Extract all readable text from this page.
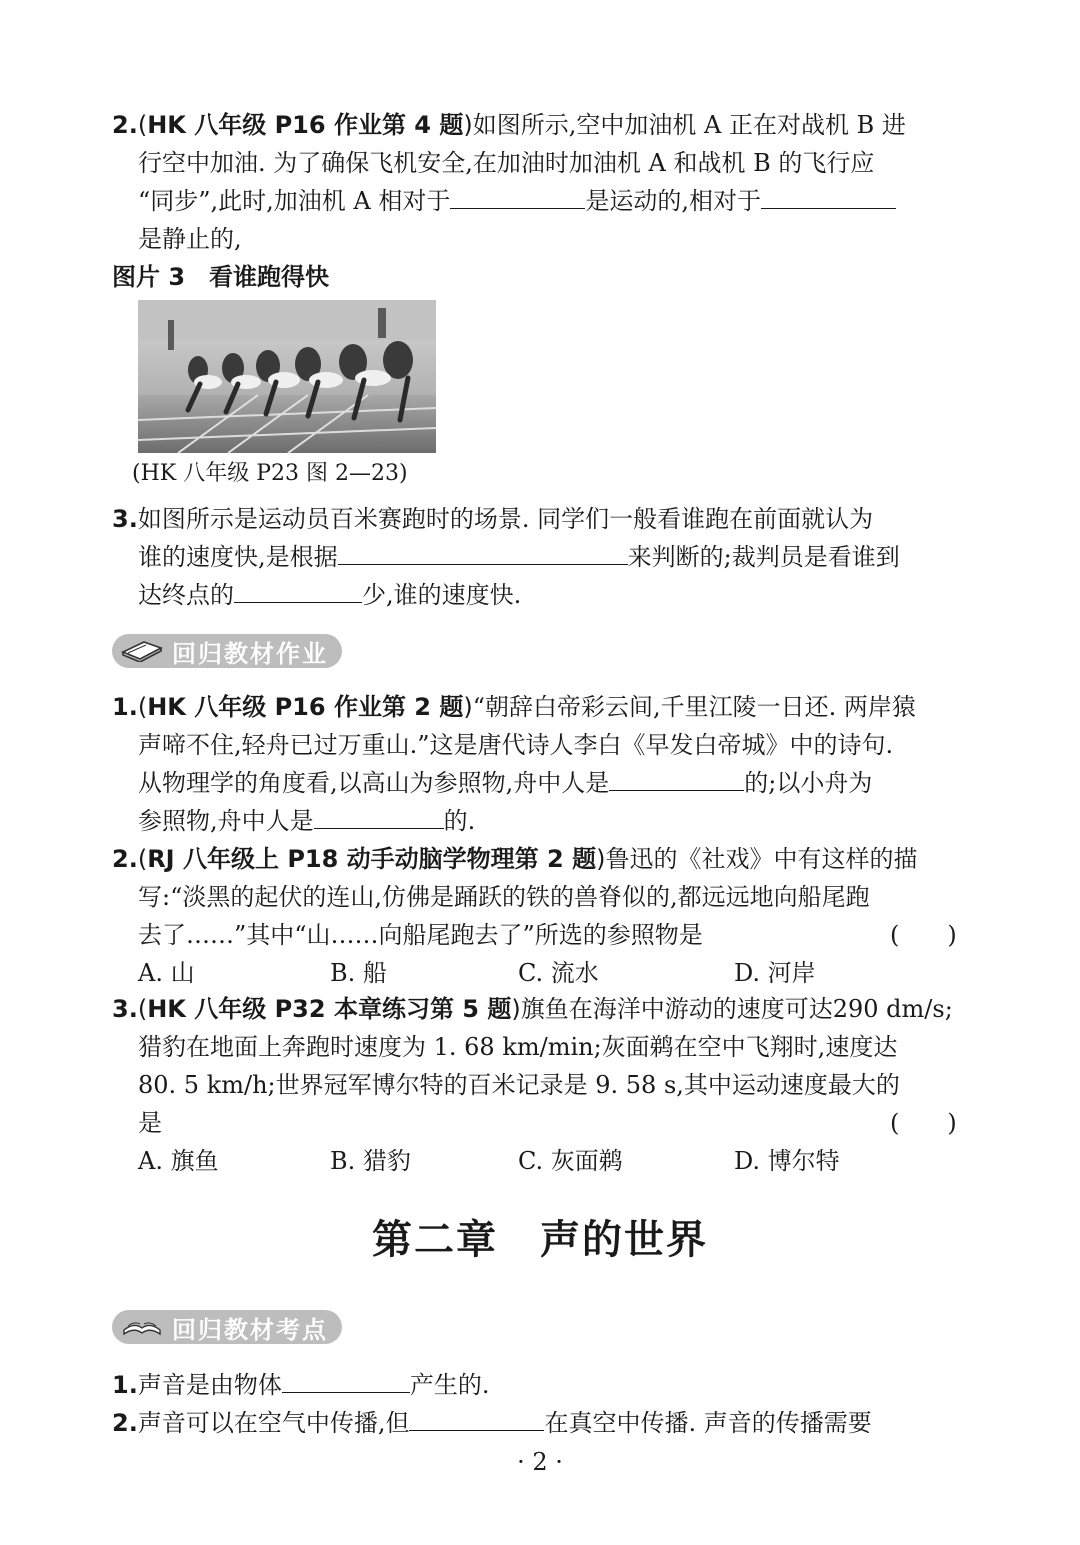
2.(HK 八年级 P16 作业第 4 题)如图所示,空中加油机 A 正在对战机 B 进
行空中加油. 为了确保飞机安全,在加油时加油机 A 和战机 B 的飞行应
“同步”,此时,加油机 A 相对于	是运动的,相对于
是静止的,
图片 3　看谁跑得快
(HK 八年级 P23 图 2—23)
3.如图所示是运动员百米赛跑时的场景. 同学们一般看谁跑在前面就认为
谁的速度快,是根据	来判断的;裁判员是看谁到
达终点的	少,谁的速度快.
回归教材作业
1.(HK 八年级 P16 作业第 2 题)“朝辞白帝彩云间,千里江陵一日还. 两岸猿
声啼不住,轻舟已过万重山.”这是唐代诗人李白《早发白帝城》中的诗句.
从物理学的角度看,以高山为参照物,舟中人是	的;以小舟为
参照物,舟中人是	的.
2.(RJ 八年级上 P18 动手动脑学物理第 2 题)鲁迅的《社戏》中有这样的描
写:“淡黑的起伏的连山,仿佛是踊跃的铁的兽脊似的,都远远地向船尾跑
去了……”其中“山……向船尾跑去了”所选的参照物是	(　　)
A. 山	B. 船	C. 流水	D. 河岸
3.(HK 八年级 P32 本章练习第 5 题)旗鱼在海洋中游动的速度可达290 dm/s;
猎豹在地面上奔跑时速度为 1. 68 km/min;灰面鹈在空中飞翔时,速度达
80. 5 km/h;世界冠军博尔特的百米记录是 9. 58 s,其中运动速度最大的
是	(　　)
A. 旗鱼	B. 猎豹	C. 灰面鹈	D. 博尔特
第二章　声的世界
回归教材考点
1.声音是由物体	产生的.
2.声音可以在空气中传播,但	在真空中传播. 声音的传播需要
· 2 ·
